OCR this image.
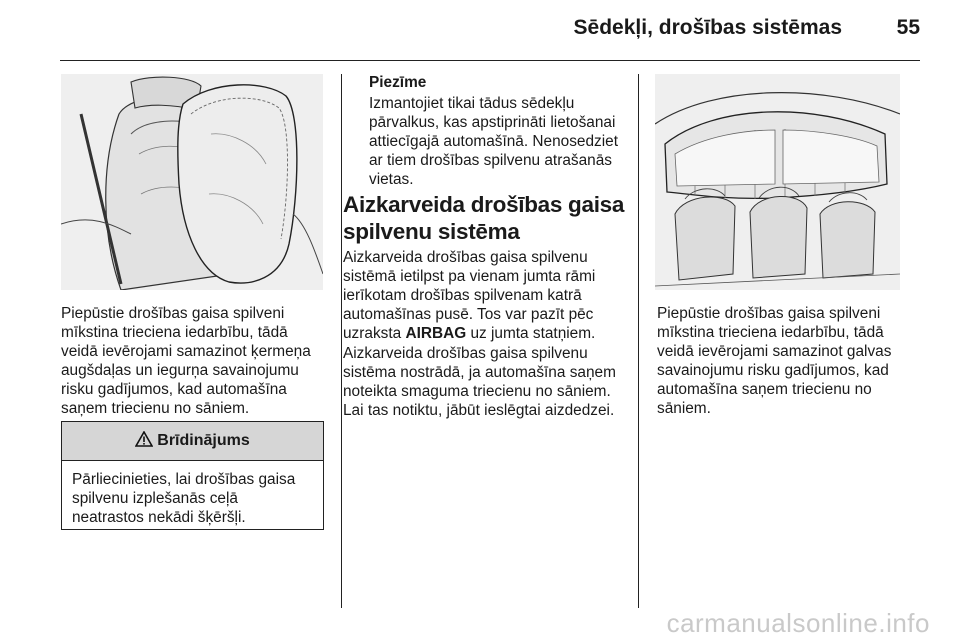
Sēdekļi, drošības sistēmas	55

Piepūstie drošības gaisa spilveni mīkstina trieciena iedarbību, tādā veidā ievērojami samazinot ķermeņa augšdaļas un iegurņa savainojumu risku gadījumos, kad automašīna saņem triecienu no sāniem.

Brīdinājums
Pārliecinieties, lai drošības gaisa spilvenu izplešanās ceļā neatrastos nekādi šķēršļi.
Piezīme

Izmantojiet tikai tādus sēdekļu pārvalkus, kas apstiprināti lietošanai attiecīgajā automašīnā. Nenosedziet ar tiem drošības spilvenu atrašanās vietas.

Aizkarveida drošības gaisa spilvenu sistēma

Aizkarveida drošības gaisa spilvenu sistēmā ietilpst pa vienam jumta rāmi ierīkotam drošības spilvenam katrā automašīnas pusē. Tos var pazīt pēc uzraksta AIRBAG uz jumta statņiem.

Aizkarveida drošības gaisa spilvenu sistēma nostrādā, ja automašīna saņem noteikta smaguma triecienu no sāniem. Lai tas notiktu, jābūt ieslēgtai aizdedzei.

Piepūstie drošības gaisa spilveni mīkstina trieciena iedarbību, tādā veidā ievērojami samazinot galvas savainojumu risku gadījumos, kad automašīna saņem triecienu no sāniem.

carmanualsonline.info
